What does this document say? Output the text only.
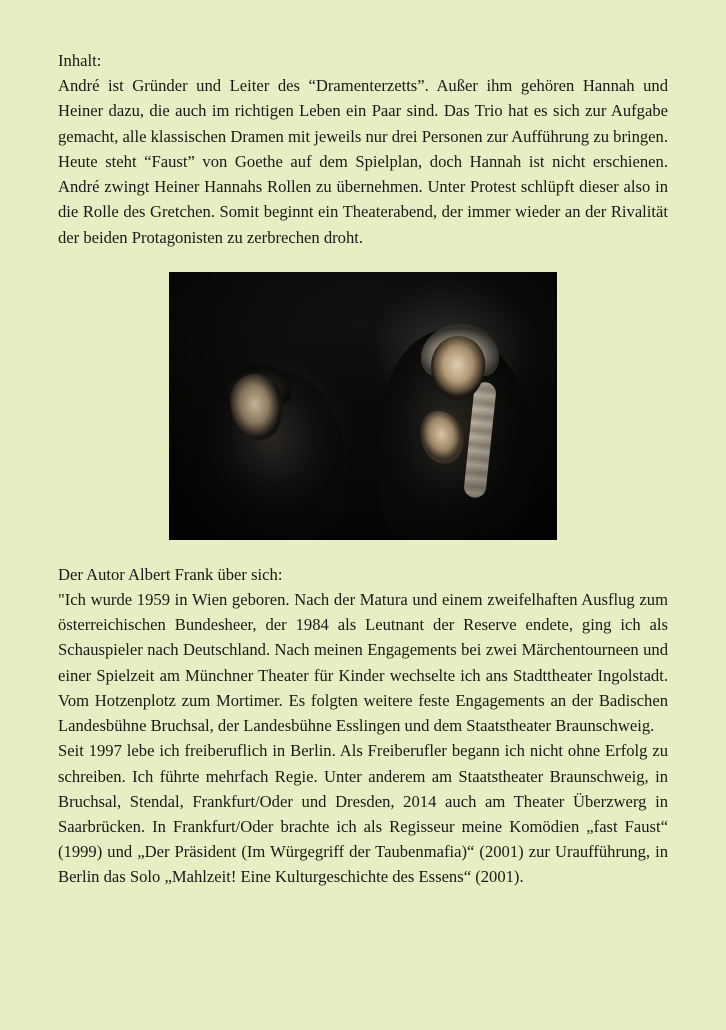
Inhalt:
André ist Gründer und Leiter des “Dramenterzetts”. Außer ihm gehören Hannah und Heiner dazu, die auch im richtigen Leben ein Paar sind. Das Trio hat es sich zur Aufgabe gemacht, alle klassischen Dramen mit jeweils nur drei Personen zur Aufführung zu bringen. Heute steht “Faust” von Goethe auf dem Spielplan, doch Hannah ist nicht erschienen. André zwingt Heiner Hannahs Rollen zu übernehmen. Unter Protest schlüpft dieser also in die Rolle des Gretchen. Somit beginnt ein Theaterabend, der immer wieder an der Rivalität der beiden Protagonisten zu zerbrechen droht.
Der Autor Albert Frank über sich:
"Ich wurde 1959 in Wien geboren. Nach der Matura und einem zweifelhaften Ausflug zum österreichischen Bundesheer, der 1984 als Leutnant der Reserve endete, ging ich als Schauspieler nach Deutschland. Nach meinen Engagements bei zwei Märchentourneen und einer Spielzeit am Münchner Theater für Kinder wechselte ich ans Stadttheater Ingolstadt. Vom Hotzenplotz zum Mortimer. Es folgten weitere feste Engagements an der Badischen Landesbühne Bruchsal, der Landesbühne Esslingen und dem Staatstheater Braunschweig.
Seit 1997 lebe ich freiberuflich in Berlin. Als Freiberufler begann ich nicht ohne Erfolg zu schreiben. Ich führte mehrfach Regie. Unter anderem am Staatstheater Braunschweig, in Bruchsal, Stendal, Frankfurt/Oder und Dresden, 2014 auch am Theater Überzwerg in Saarbrücken. In Frankfurt/Oder brachte ich als Regisseur meine Komödien „fast Faust“ (1999) und „Der Präsident (Im Würgegriff der Taubenmafia)“ (2001) zur Uraufführung, in Berlin das Solo „Mahlzeit! Eine Kulturgeschichte des Essens“ (2001).
